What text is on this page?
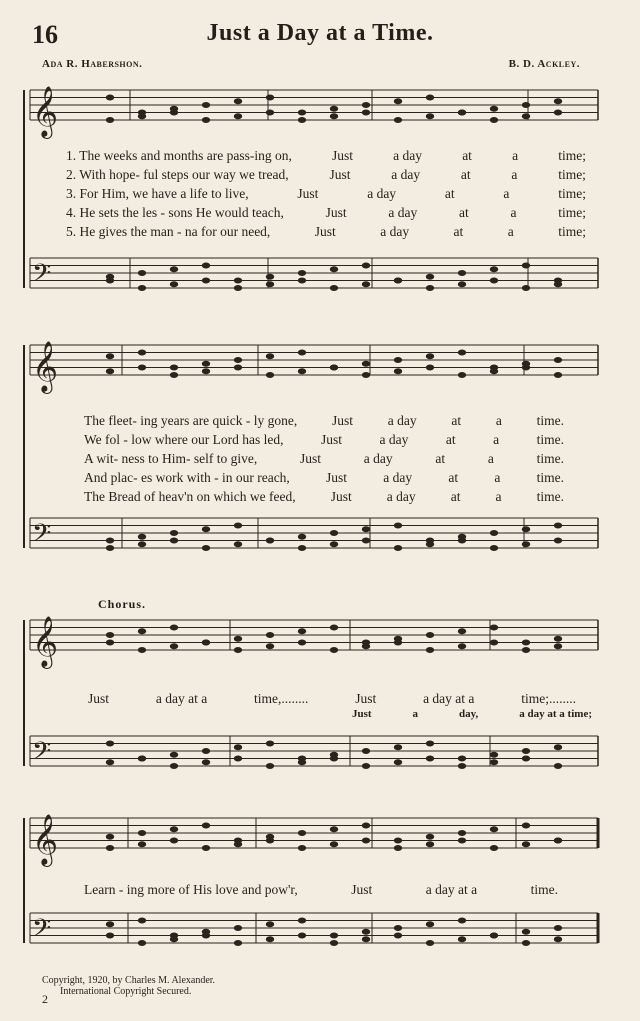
Just a Day at a Time.
16
Ada R. Habershon.	B. D. Ackley.
𝄞
𝄢
𝄞
𝄢
𝄞
𝄢
𝄞
𝄢
1. The weeks and months are pass-ing on,	Just	a day	at	a	time;
2. With hope- ful steps our way we tread,	Just	a day	at	a	time;
3. For Him, we have a life to live,	Just	a day	at	a	time;
4. He sets the les - sons He would teach,	Just	a day	at	a	time;
5. He gives the man - na for our need,	Just	a day	at	a	time;
The fleet- ing years are quick - ly gone,	Just	a day	at	a	time.
We fol - low where our Lord has led,	Just	a day	at	a	time.
A wit- ness to Him- self to give,	Just	a day	at	a	time.
And plac- es work with - in our reach,	Just	a day	at	a	time.
The Bread of heav'n on which we feed,	Just	a day	at	a	time.
Chorus.
Just	a day at a	time,........	Just	a day at a	time;........
Just	a	day,	a day at a time;
Learn - ing more of His love and pow'r,	Just	a day at a	time.
Copyright, 1920, by Charles M. Alexander.
International Copyright Secured.
2
